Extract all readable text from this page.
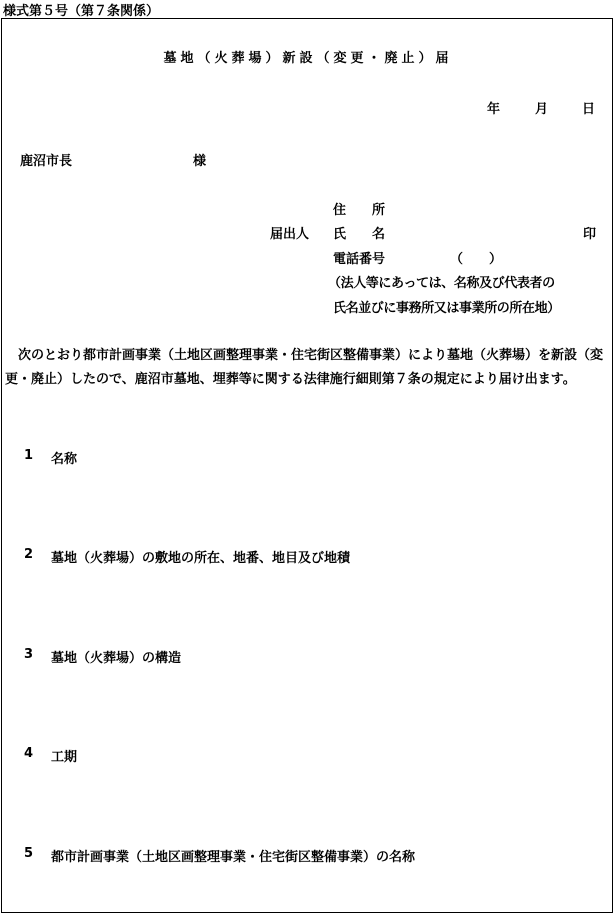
様式第５号（第７条関係）
墓地（火葬場）新設（変更・廃止）届
年	月	日
鹿沼市長	様
住　　所
届出人 氏　　名	印
電話番号	（　　）
（法人等にあっては、名称及び代表者の
氏名並びに事務所又は事業所の所在地）
　次のとおり都市計画事業（土地区画整理事業・住宅街区整備事業）により墓地（火葬場）を新設（変更・廃止）したので、鹿沼市墓地、埋葬等に関する法律施行細則第７条の規定により届け出ます。
1 名称
2 墓地（火葬場）の敷地の所在、地番、地目及び地積
3 墓地（火葬場）の構造
4 工期
5 都市計画事業（土地区画整理事業・住宅街区整備事業）の名称
